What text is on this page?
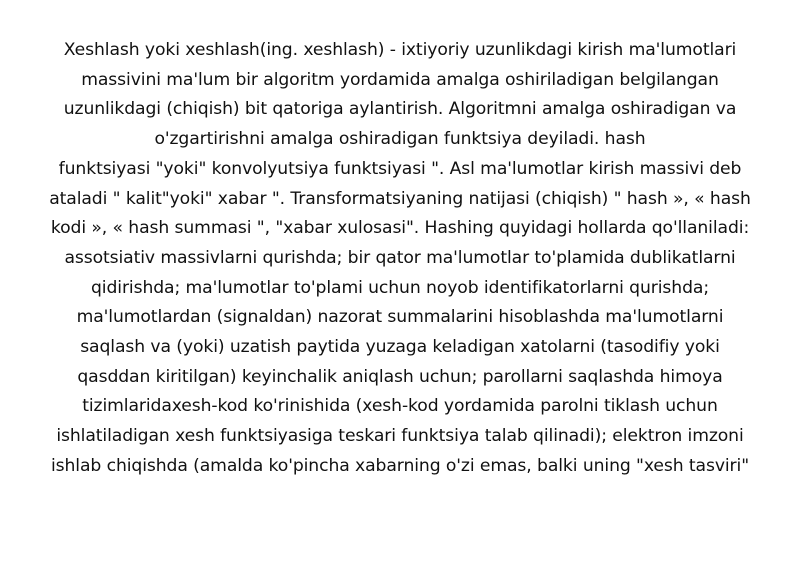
Xeshlash yoki xeshlash(ing. xeshlash) - ixtiyoriy uzunlikdagi kirish ma'lumotlari
massivini ma'lum bir algoritm yordamida amalga oshiriladigan belgilangan
uzunlikdagi (chiqish) bit qatoriga aylantirish. Algoritmni amalga oshiradigan va
o'zgartirishni amalga oshiradigan funktsiya deyiladi. hash
funktsiyasi "yoki" konvolyutsiya funktsiyasi ". Asl ma'lumotlar kirish massivi deb
ataladi " kalit"yoki" xabar ". Transformatsiyaning natijasi (chiqish) " hash », « hash
kodi », « hash summasi ", "xabar xulosasi". Hashing quyidagi hollarda qo'llaniladi:
assotsiativ massivlarni qurishda; bir qator ma'lumotlar to'plamida dublikatlarni
qidirishda; ma'lumotlar to'plami uchun noyob identifikatorlarni qurishda;
ma'lumotlardan (signaldan) nazorat summalarini hisoblashda ma'lumotlarni
saqlash va (yoki) uzatish paytida yuzaga keladigan xatolarni (tasodifiy yoki
qasddan kiritilgan) keyinchalik aniqlash uchun; parollarni saqlashda himoya
tizimlaridaxesh-kod ko'rinishida (xesh-kod yordamida parolni tiklash uchun
ishlatiladigan xesh funktsiyasiga teskari funktsiya talab qilinadi); elektron imzoni
ishlab chiqishda (amalda ko'pincha xabarning o'zi emas, balki uning "xesh tasviri"
